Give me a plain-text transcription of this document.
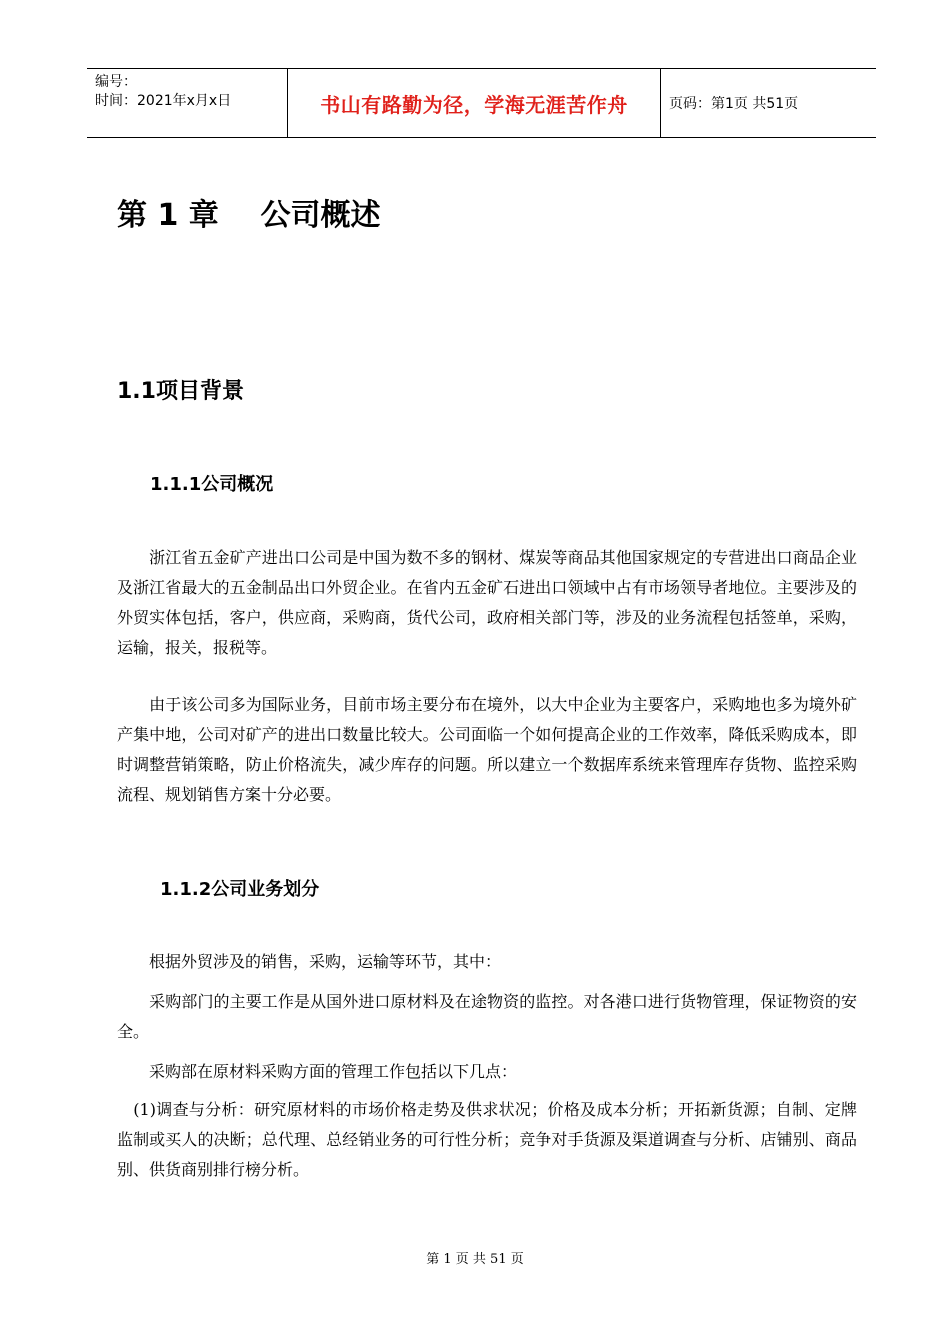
编号：
时间：2021年x月x日	书山有路勤为径，学海无涯苦作舟	页码：第1页 共51页
第 1 章    公司概述
1.1项目背景
1.1.1公司概况
　　浙江省五金矿产进出口公司是中国为数不多的钢材、煤炭等商品其他国家规定的专营进出口商品企业及浙江省最大的五金制品出口外贸企业。在省内五金矿石进出口领域中占有市场领导者地位。主要涉及的外贸实体包括，客户，供应商，采购商，货代公司，政府相关部门等，涉及的业务流程包括签单，采购，运输，报关，报税等。
　　由于该公司多为国际业务，目前市场主要分布在境外，以大中企业为主要客户，采购地也多为境外矿产集中地，公司对矿产的进出口数量比较大。公司面临一个如何提高企业的工作效率，降低采购成本，即时调整营销策略，防止价格流失，减少库存的问题。所以建立一个数据库系统来管理库存货物、监控采购流程、规划销售方案十分必要。
1.1.2公司业务划分
　　根据外贸涉及的销售，采购，运输等环节，其中：
　　采购部门的主要工作是从国外进口原材料及在途物资的监控。对各港口进行货物管理，保证物资的安全。
　　采购部在原材料采购方面的管理工作包括以下几点：
　(1)调查与分析：研究原材料的市场价格走势及供求状况；价格及成本分析；开拓新货源；自制、定牌监制或买人的决断；总代理、总经销业务的可行性分析；竞争对手货源及渠道调查与分析、店铺别、商品别、供货商别排行榜分析。
第 1 页 共 51 页
